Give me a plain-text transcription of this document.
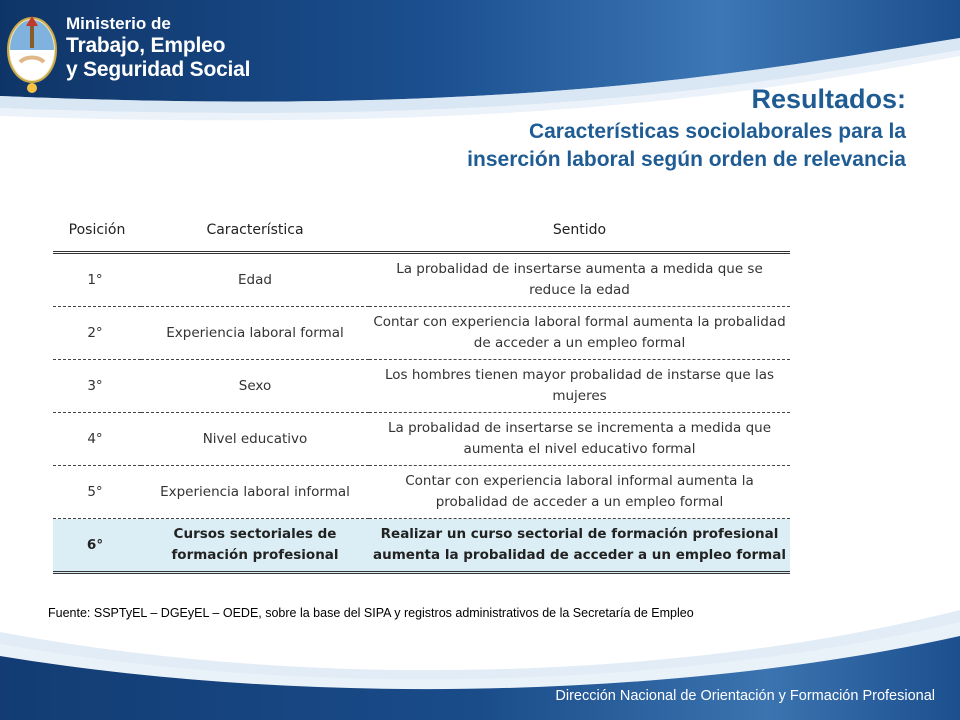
Ministerio de
Trabajo, Empleo
y Seguridad Social
Resultados:
Características sociolaborales para la
inserción laboral según orden de relevancia
Posición	Característica	Sentido
1°	Edad	La probalidad de insertarse aumenta a medida que se reduce la edad
2°	Experiencia laboral formal	Contar con experiencia laboral formal aumenta la probalidad de acceder a un empleo formal
3°	Sexo	Los hombres tienen mayor probalidad de instarse que las mujeres
4°	Nivel educativo	La probalidad de insertarse se incrementa a medida que aumenta el nivel educativo formal
5°	Experiencia laboral informal	Contar con experiencia laboral informal aumenta la probalidad de acceder a un empleo formal
6°	Cursos sectoriales de formación profesional	Realizar un curso sectorial de formación profesional aumenta la probalidad de acceder a un empleo formal
Fuente: SSPTyEL – DGEyEL – OEDE, sobre la base del SIPA y registros administrativos de la Secretaría de Empleo
Dirección Nacional de Orientación y Formación Profesional
